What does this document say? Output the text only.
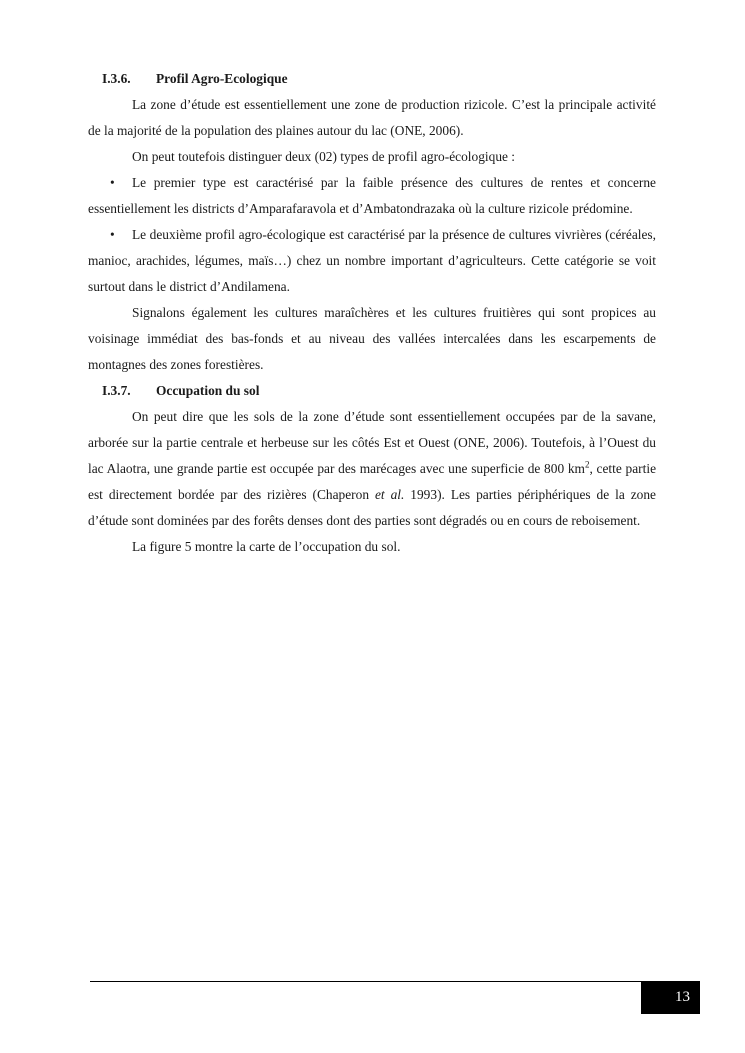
I.3.6.	Profil Agro-Ecologique

La zone d’étude est essentiellement une zone de production rizicole. C’est la principale activité de la majorité de la population des plaines autour du lac (ONE, 2006).

On peut toutefois distinguer deux (02) types de profil agro-écologique :

• Le premier type est caractérisé par la faible présence des cultures de rentes et concerne essentiellement les districts d’Amparafaravola et d’Ambatondrazaka où la culture rizicole prédomine.

• Le deuxième profil agro-écologique est caractérisé par la présence de cultures vivrières (céréales, manioc, arachides, légumes, maïs…) chez un nombre important d’agriculteurs. Cette catégorie se voit surtout dans le district d’Andilamena.

Signalons également les cultures maraîchères et les cultures fruitières qui sont propices au voisinage immédiat des bas-fonds et au niveau des vallées intercalées dans les escarpements de montagnes des zones forestières.

I.3.7.	Occupation du sol

On peut dire que les sols de la zone d’étude sont essentiellement occupées par de la savane, arborée sur la partie centrale et herbeuse sur les côtés Est et Ouest (ONE, 2006). Toutefois, à l’Ouest du lac Alaotra, une grande partie est occupée par des marécages avec une superficie de 800 $km^2$, cette partie est directement bordée par des rizières (Chaperon et al. 1993). Les parties périphériques de la zone d’étude sont dominées par des forêts denses dont des parties sont dégradés ou en cours de reboisement.

La figure 5 montre la carte de l’occupation du sol.

13
